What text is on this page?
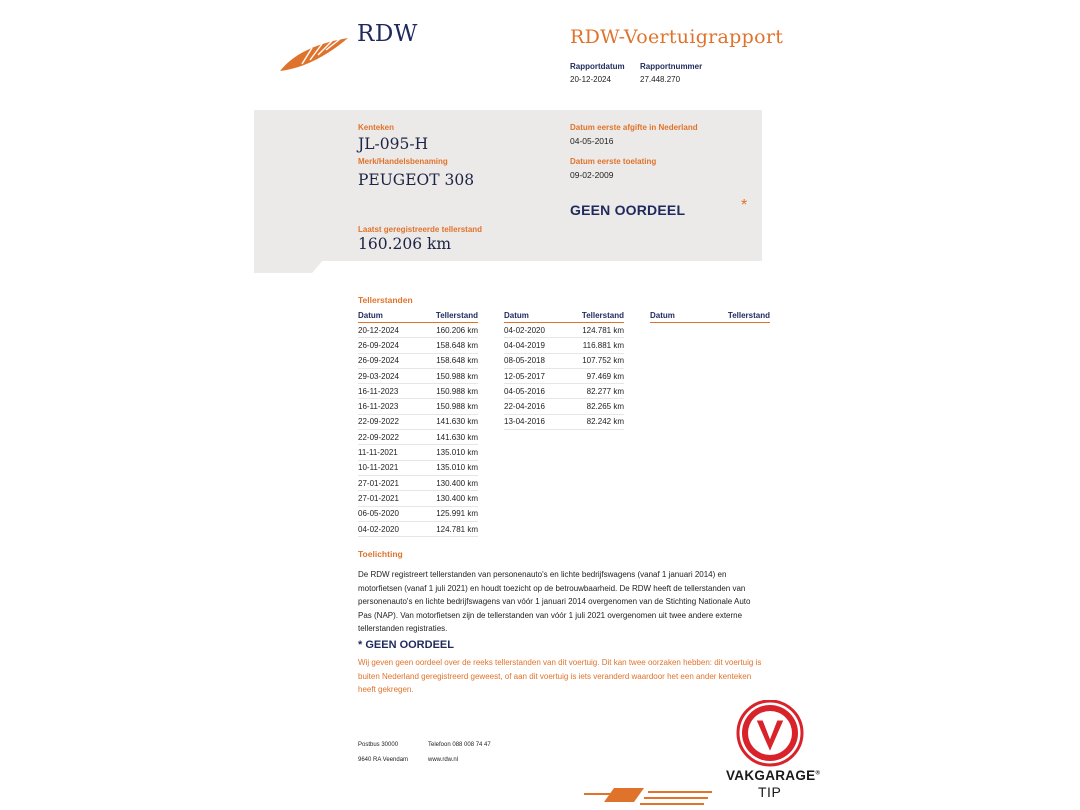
RDW	RDW-Voertuigrapport
Rapportdatum
20-12-2024
Rapportnummer
27.448.270
Kenteken
JL-095-H
Merk/Handelsbenaming
PEUGEOT 308
Laatst geregistreerde tellerstand
160.206 km
Datum eerste afgifte in Nederland
04-05-2016
Datum eerste toelating
09-02-2009
GEEN OORDEEL	*
Tellerstanden
Datum	Tellerstand
20-12-2024	160.206 km
26-09-2024	158.648 km
26-09-2024	158.648 km
29-03-2024	150.988 km
16-11-2023	150.988 km
16-11-2023	150.988 km
22-09-2022	141.630 km
22-09-2022	141.630 km
11-11-2021	135.010 km
10-11-2021	135.010 km
27-01-2021	130.400 km
27-01-2021	130.400 km
06-05-2020	125.991 km
04-02-2020	124.781 km
Datum	Tellerstand
04-02-2020	124.781 km
04-04-2019	116.881 km
08-05-2018	107.752 km
12-05-2017	97.469 km
04-05-2016	82.277 km
22-04-2016	82.265 km
13-04-2016	82.242 km
Datum	Tellerstand
Toelichting
De RDW registreert tellerstanden van personenauto's en lichte bedrijfswagens (vanaf 1 januari 2014) en motorfietsen (vanaf 1 juli 2021) en houdt toezicht op de betrouwbaarheid. De RDW heeft de tellerstanden van personenauto's en lichte bedrijfswagens van vóór 1 januari 2014 overgenomen van de Stichting Nationale Auto Pas (NAP). Van motorfietsen zijn de tellerstanden van vóór 1 juli 2021 overgenomen uit twee andere externe tellerstanden registraties.
* GEEN OORDEEL
Wij geven geen oordeel over de reeks tellerstanden van dit voertuig. Dit kan twee oorzaken hebben: dit voertuig is buiten Nederland geregistreerd geweest, of aan dit voertuig is iets veranderd waardoor het een ander kenteken heeft gekregen.
Postbus 30000
9640 RA Veendam
Telefoon 088 008 74 47
www.rdw.nl
VAKGARAGE®
TIP
